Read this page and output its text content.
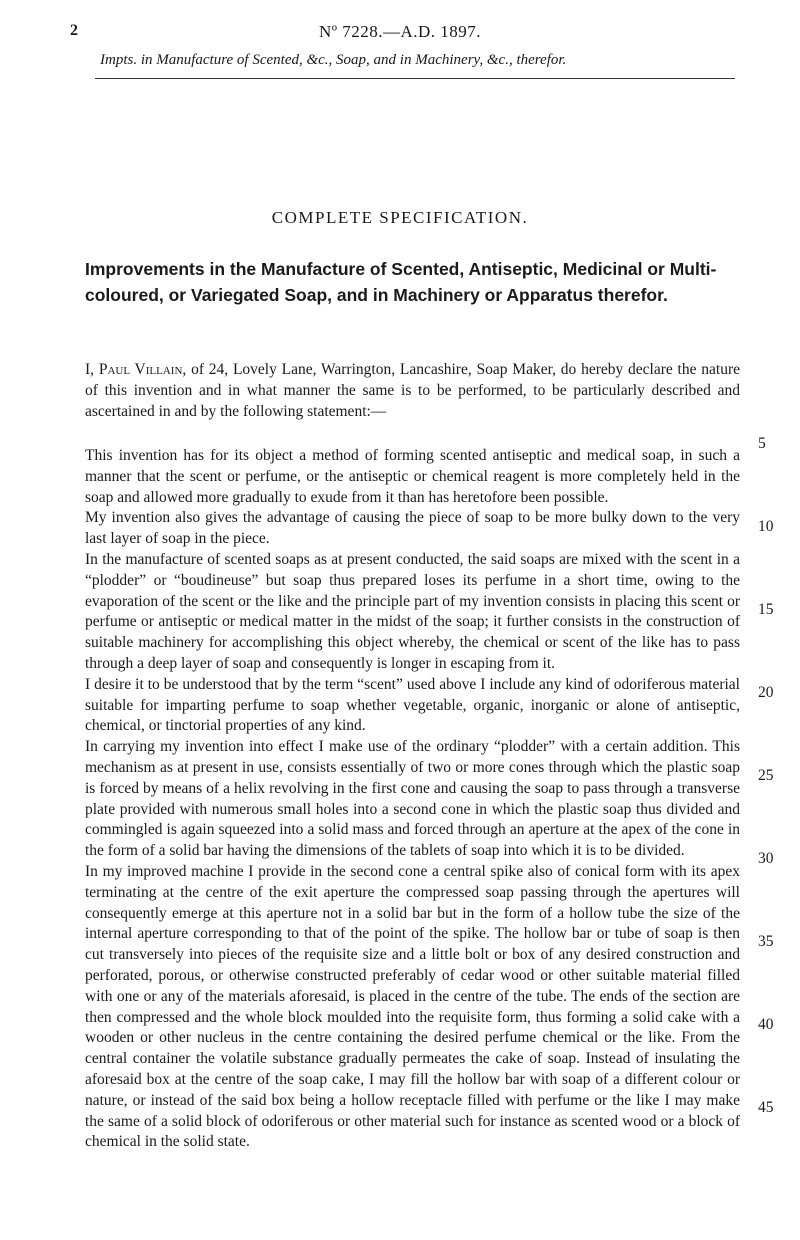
2	Nº 7228.—A.D. 1897.
Impts. in Manufacture of Scented, &c., Soap, and in Machinery, &c., therefor.
COMPLETE SPECIFICATION.
Improvements in the Manufacture of Scented, Antiseptic, Medicinal or Multi-coloured, or Variegated Soap, and in Machinery or Apparatus therefor.

I, Paul Villain, of 24, Lovely Lane, Warrington, Lancashire, Soap Maker, do hereby declare the nature of this invention and in what manner the same is to be performed, to be particularly described and ascertained in and by the following statement:—

This invention has for its object a method of forming scented antiseptic and medical soap, in such a manner that the scent or perfume, or the antiseptic or chemical reagent is more completely held in the soap and allowed more gradually to exude from it than has heretofore been possible.

My invention also gives the advantage of causing the piece of soap to be more bulky down to the very last layer of soap in the piece.

In the manufacture of scented soaps as at present conducted, the said soaps are mixed with the scent in a “plodder” or “boudineuse” but soap thus prepared loses its perfume in a short time, owing to the evaporation of the scent or the like and the principle part of my invention consists in placing this scent or perfume or antiseptic or medical matter in the midst of the soap; it further consists in the construction of suitable machinery for accomplishing this object whereby, the chemical or scent of the like has to pass through a deep layer of soap and consequently is longer in escaping from it.

I desire it to be understood that by the term “scent” used above I include any kind of odoriferous material suitable for imparting perfume to soap whether vegetable, organic, inorganic or alone of antiseptic, chemical, or tinctorial properties of any kind.

In carrying my invention into effect I make use of the ordinary “plodder” with a certain addition. This mechanism as at present in use, consists essentially of two or more cones through which the plastic soap is forced by means of a helix revolving in the first cone and causing the soap to pass through a transverse plate provided with numerous small holes into a second cone in which the plastic soap thus divided and commingled is again squeezed into a solid mass and forced through an aperture at the apex of the cone in the form of a solid bar having the dimensions of the tablets of soap into which it is to be divided.

In my improved machine I provide in the second cone a central spike also of conical form with its apex terminating at the centre of the exit aperture the compressed soap passing through the apertures will consequently emerge at this aperture not in a solid bar but in the form of a hollow tube the size of the internal aperture corresponding to that of the point of the spike. The hollow bar or tube of soap is then cut transversely into pieces of the requisite size and a little bolt or box of any desired construction and perforated, porous, or otherwise constructed preferably of cedar wood or other suitable material filled with one or any of the materials aforesaid, is placed in the centre of the tube. The ends of the section are then compressed and the whole block moulded into the requisite form, thus forming a solid cake with a wooden or other nucleus in the centre containing the desired perfume chemical or the like. From the central container the volatile substance gradually permeates the cake of soap. Instead of insulating the aforesaid box at the centre of the soap cake, I may fill the hollow bar with soap of a different colour or nature, or instead of the said box being a hollow receptacle filled with perfume or the like I may make the same of a solid block of odoriferous or other material such for instance as scented wood or a block of chemical in the solid state.

5
10
15
20
25
30
35
40
45
